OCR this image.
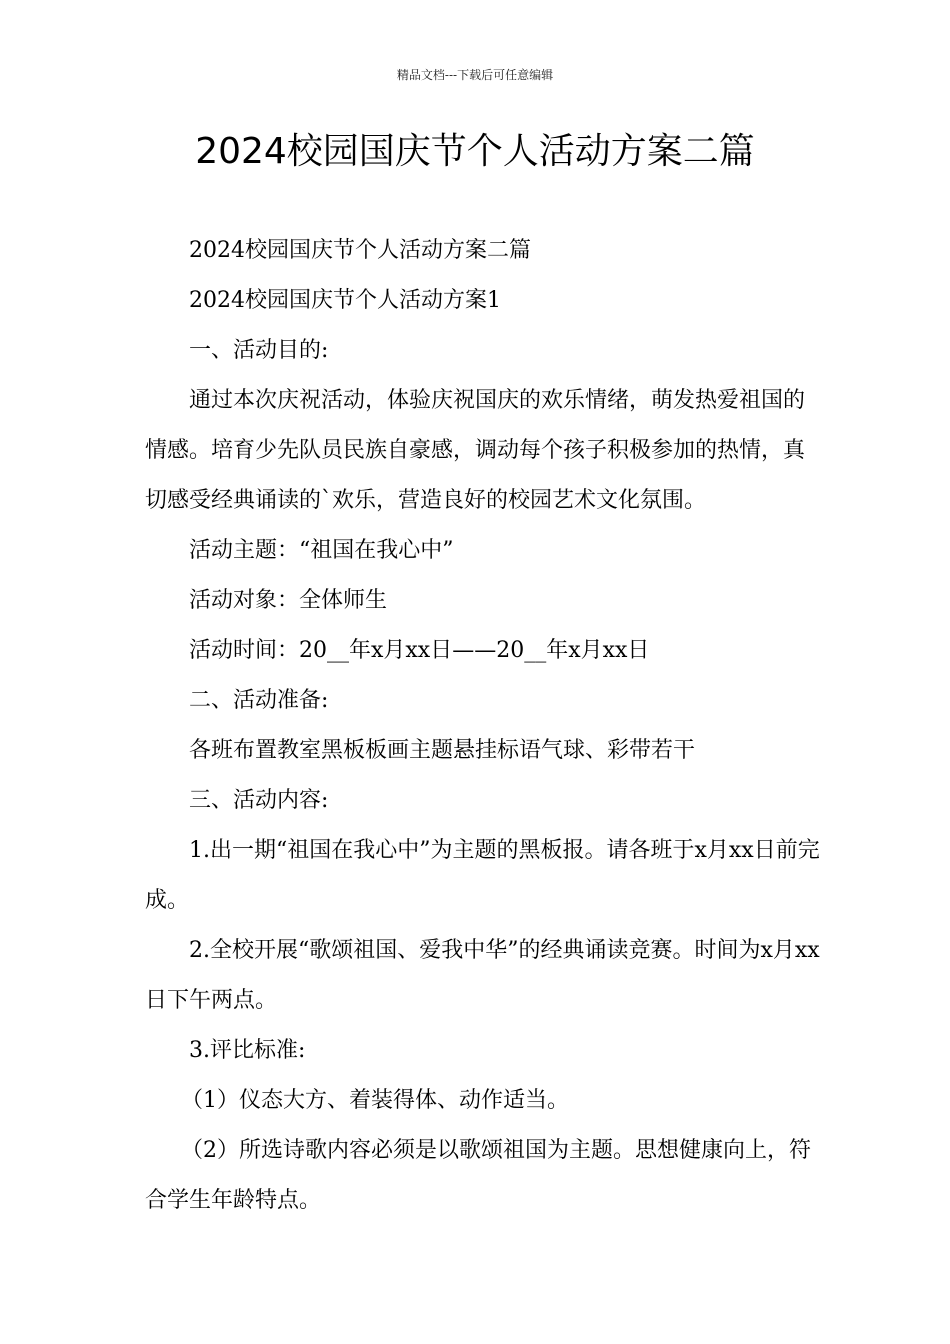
精品文档---下载后可任意编辑
2024校园国庆节个人活动方案二篇

2024校园国庆节个人活动方案二篇

2024校园国庆节个人活动方案1

一、活动目的:

通过本次庆祝活动，体验庆祝国庆的欢乐情绪，萌发热爱祖国的情感。培育少先队员民族自豪感，调动每个孩子积极参加的热情，真切感受经典诵读的`欢乐，营造良好的校园艺术文化氛围。

活动主题：“祖国在我心中”

活动对象：全体师生

活动时间：20__年x月xx日——20__年x月xx日

二、活动准备:

各班布置教室黑板板画主题悬挂标语气球、彩带若干

三、活动内容:

1.出一期“祖国在我心中”为主题的黑板报。请各班于x月xx日前完成。

2.全校开展“歌颂祖国、爱我中华”的经典诵读竞赛。时间为x月xx日下午两点。

3.评比标准:

（1）仪态大方、着装得体、动作适当。

（2）所选诗歌内容必须是以歌颂祖国为主题。思想健康向上，符合学生年龄特点。
